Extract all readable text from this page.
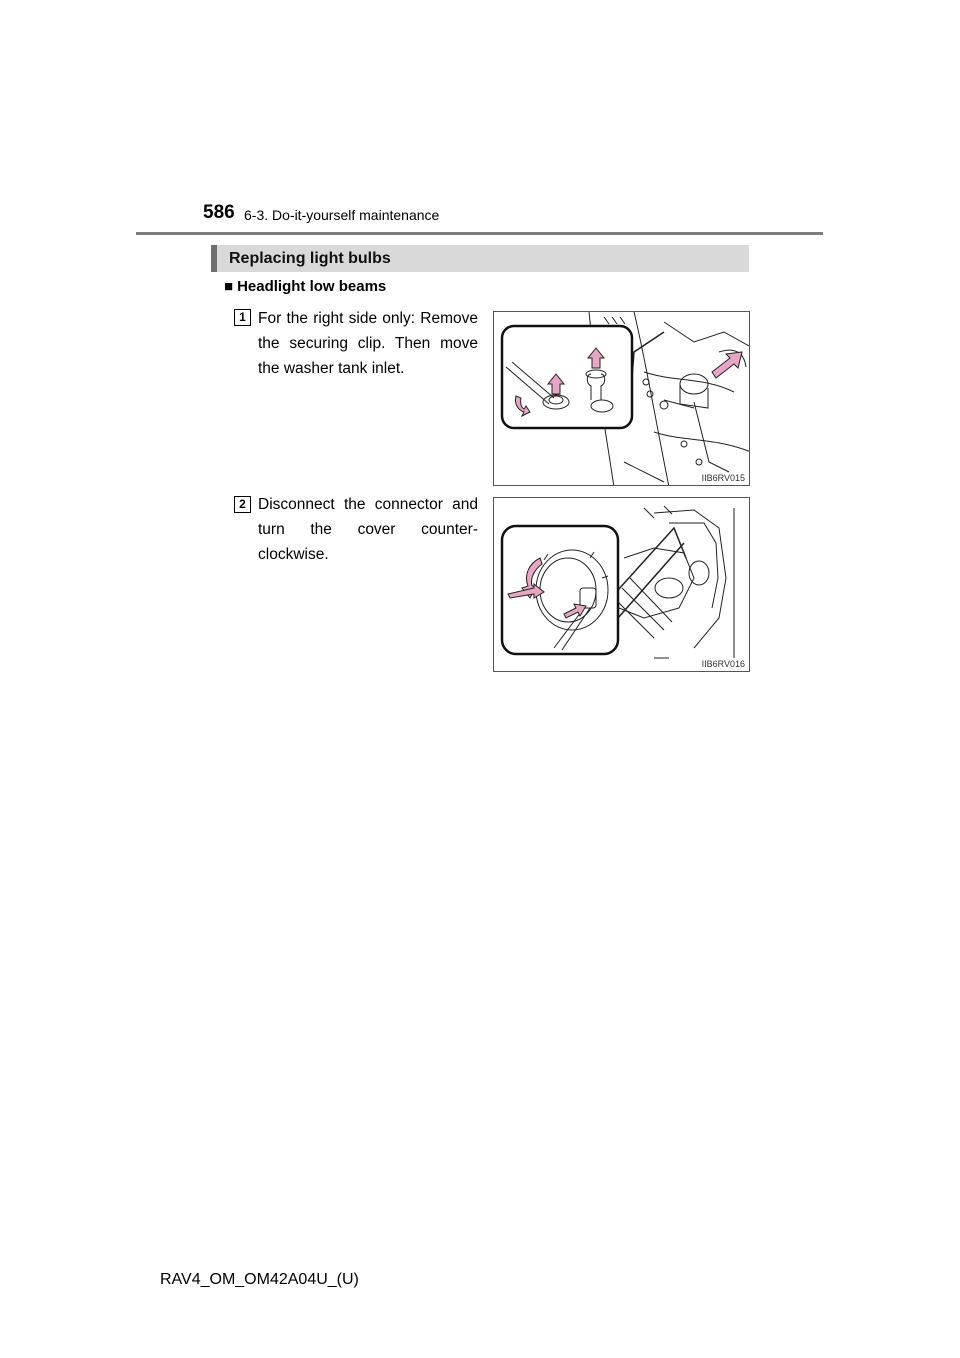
586 6-3. Do-it-yourself maintenance
Replacing light bulbs
■ Headlight low beams
1 For the right side only: Remove the securing clip. Then move the washer tank inlet.
IIB6RV015
2 Disconnect the connector and turn the cover counter-clockwise.
IIB6RV016
RAV4_OM_OM42A04U_(U)
